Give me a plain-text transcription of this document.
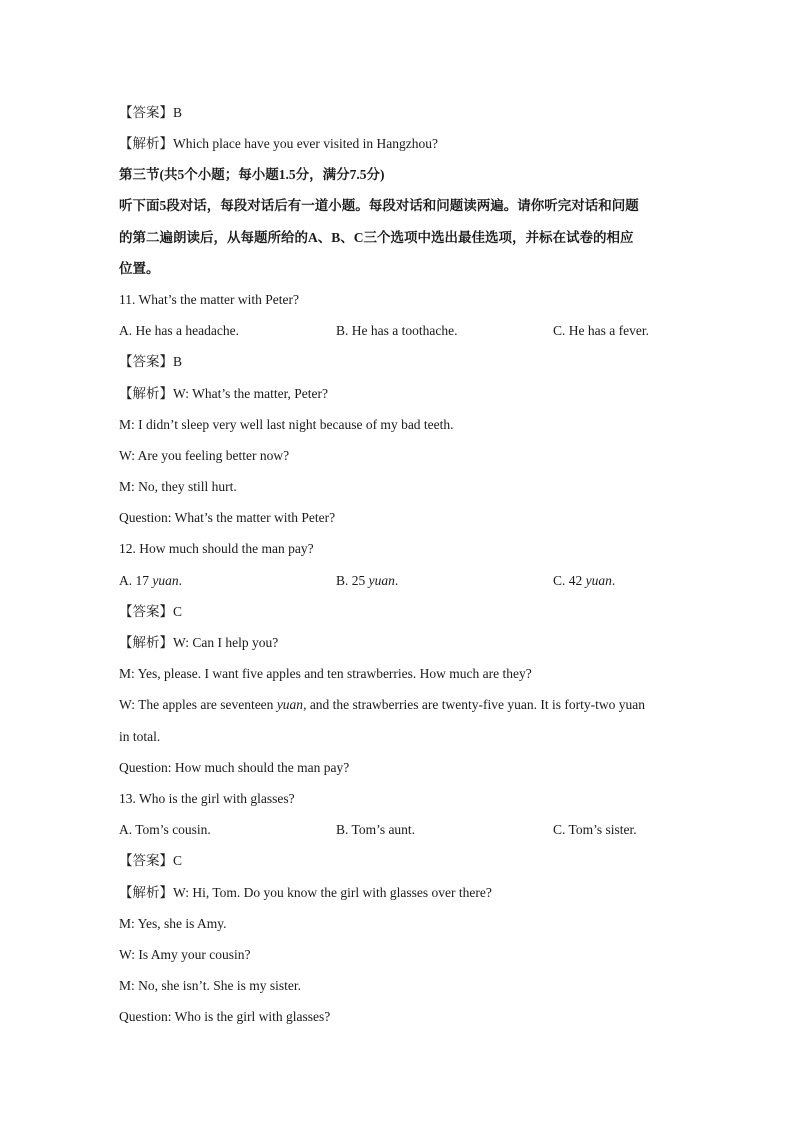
【答案】B
【解析】Which place have you ever visited in Hangzhou?
第三节(共5个小题；每小题1.5分，满分7.5分)
听下面5段对话，每段对话后有一道小题。每段对话和问题读两遍。请你听完对话和问题
的第二遍朗读后，从每题所给的A、B、C三个选项中选出最佳选项，并标在试卷的相应
位置。
11. What’s the matter with Peter?
A. He has a headache.	B. He has a toothache.	C. He has a fever.
【答案】B
【解析】W: What’s the matter, Peter?
M: I didn’t sleep very well last night because of my bad teeth.
W: Are you feeling better now?
M: No, they still hurt.
Question: What’s the matter with Peter?
12. How much should the man pay?
A. 17 yuan.	B. 25 yuan.	C. 42 yuan.
【答案】C
【解析】W: Can I help you?
M: Yes, please. I want five apples and ten strawberries. How much are they?
W: The apples are seventeen yuan, and the strawberries are twenty-five yuan. It is forty-two yuan
in total.
Question: How much should the man pay?
13. Who is the girl with glasses?
A. Tom’s cousin.	B. Tom’s aunt.	C. Tom’s sister.
【答案】C
【解析】W: Hi, Tom. Do you know the girl with glasses over there?
M: Yes, she is Amy.
W: Is Amy your cousin?
M: No, she isn’t. She is my sister.
Question: Who is the girl with glasses?
